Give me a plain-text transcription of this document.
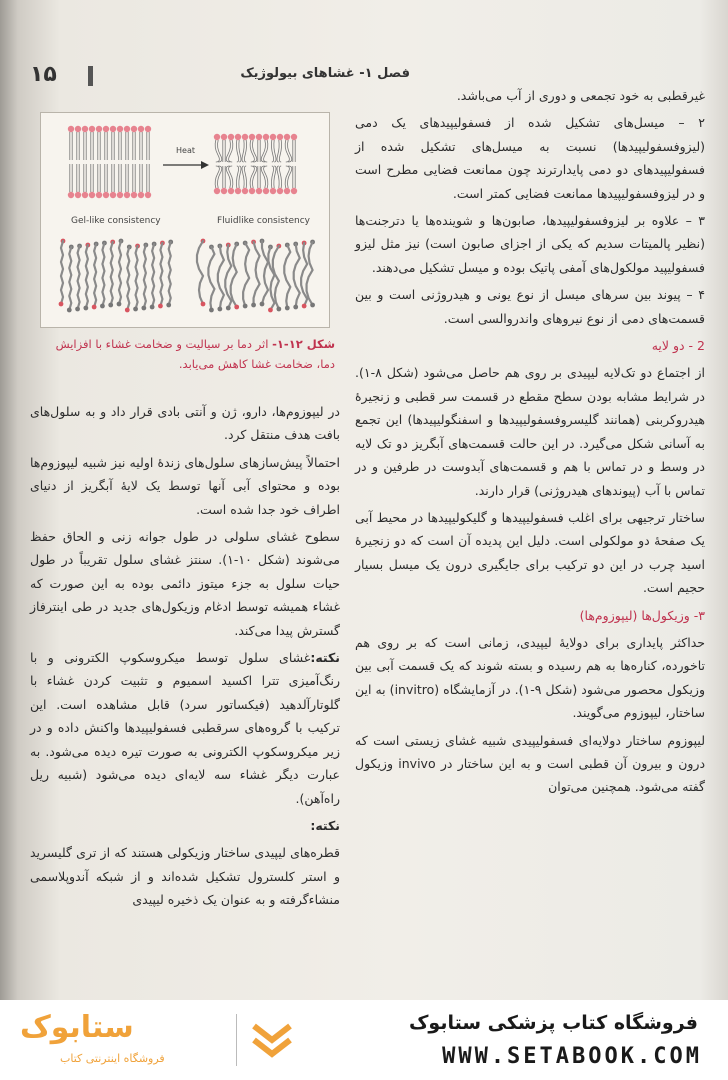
۱۵	فصل ۱- غشاهای بیولوژیک
Heat
Gel-like consistency	Fluidlike consistency
شکل ۱۲-۱- اثر دما بر سیالیت و ضخامت غشاء با افزایش دما، ضخامت غشا کاهش می‌یابد.

غیرقطبی به خود تجمعی و دوری از آب می‌باشد.

۲ – میسل‌های تشکیل شده از فسفولیپیدهای یک دمی (لیزوفسفولیپیدها) نسبت به میسل‌های تشکیل شده از فسفولیپیدهای دو دمی پایدارترند چون ممانعت فضایی مطرح است و در لیزوفسفولیپیدها ممانعت فضایی کمتر است.

۳ – علاوه بر لیزوفسفولیپیدها، صابون‌ها و شوینده‌ها یا دترجنت‌ها (نظیر پالمیتات سدیم که یکی از اجزای صابون است) نیز مثل لیزو فسفولیپید مولکول‌های آمفی پاتیک بوده و میسل تشکیل می‌دهند.

۴ – پیوند بین سرهای میسل از نوع یونی و هیدروژنی است و بین قسمت‌های دمی از نوع نیروهای واندروالسی است.

2 - دو لایه

از اجتماع دو تک‌لایه لیپیدی بر روی هم حاصل می‌شود (شکل ۸-۱). در شرایط مشابه بودن سطح مقطع در قسمت سر قطبی و زنجیرهٔ هیدروکربنی (همانند گلیسروفسفولیپیدها و اسفنگولیپیدها) این تجمع به آسانی شکل می‌گیرد. در این حالت قسمت‌های آبگریز دو تک لایه در وسط و در تماس با هم و قسمت‌های آبدوست در طرفین و در تماس با آب (پیوندهای هیدروژنی) قرار دارند.

ساختار ترجیهی برای اغلب فسفولیپیدها و گلیکولیپیدها در محیط آبی یک صفحهٔ دو مولکولی است. دلیل این پدیده آن است که دو زنجیرهٔ اسید چرب در این دو ترکیب برای جایگیری درون یک میسل بسیار حجیم است.

۳- وزیکول‌ها (لیپوزوم‌ها)

حداکثر پایداری برای دولایهٔ لیپیدی، زمانی است که بر روی هم تاخورده، کناره‌ها به هم رسیده و بسته شوند که یک قسمت آبی بین وزیکول محصور می‌شود (شکل ۹-۱). در آزمایشگاه (invitro) به این ساختار، لیپوزوم می‌گویند.

لیپوزوم ساختار دولایه‌ای فسفولیپیدی شبیه غشای زیستی است که درون و بیرون آن قطبی است و به این ساختار در invivo وزیکول گفته می‌شود. همچنین می‌توان

در لیپوزوم‌ها، دارو، ژن و آنتی بادی قرار داد و به سلول‌های بافت هدف منتقل کرد.

احتمالاً پیش‌سازهای سلول‌های زندهٔ اولیه نیز شبیه لیپوزوم‌ها بوده و محتوای آبی آنها توسط یک لایهٔ آبگریز از دنیای اطراف خود جدا شده است.

سطوح غشای سلولی در طول جوانه زنی و الحاق حفظ می‌شوند (شکل ۱۰-۱). سنتز غشای سلول تقریباً در طول حیات سلول به جزء میتوز دائمی بوده به این صورت که غشاء همیشه توسط ادغام وزیکول‌های جدید در طی اینترفاز گسترش پیدا می‌کند.

نکته:غشای سلول توسط میکروسکوپ الکترونی و با رنگ‌آمیزی تترا اکسید اسمیوم و تثبیت کردن غشاء با گلوتارآلدهید (فیکساتور سرد) قابل مشاهده است. این ترکیب با گروه‌های سرقطبی فسفولیپیدها واکنش داده و در زیر میکروسکوپ الکترونی به صورت تیره دیده می‌شود. به عبارت دیگر غشاء سه لایه‌ای دیده می‌شود (شبیه ریل راه‌آهن).

نکته:

قطره‌های لیپیدی ساختار وزیکولی هستند که از تری گلیسرید و استر کلسترول تشکیل شده‌اند و از شبکه آندوپلاسمی منشاءگرفته و به عنوان یک ذخیره لیپیدی

ستابوک
فروشگاه اینترنتی کتاب
فروشگاه کتاب پزشکی ستابوک
WWW.SETABOOK.COM
